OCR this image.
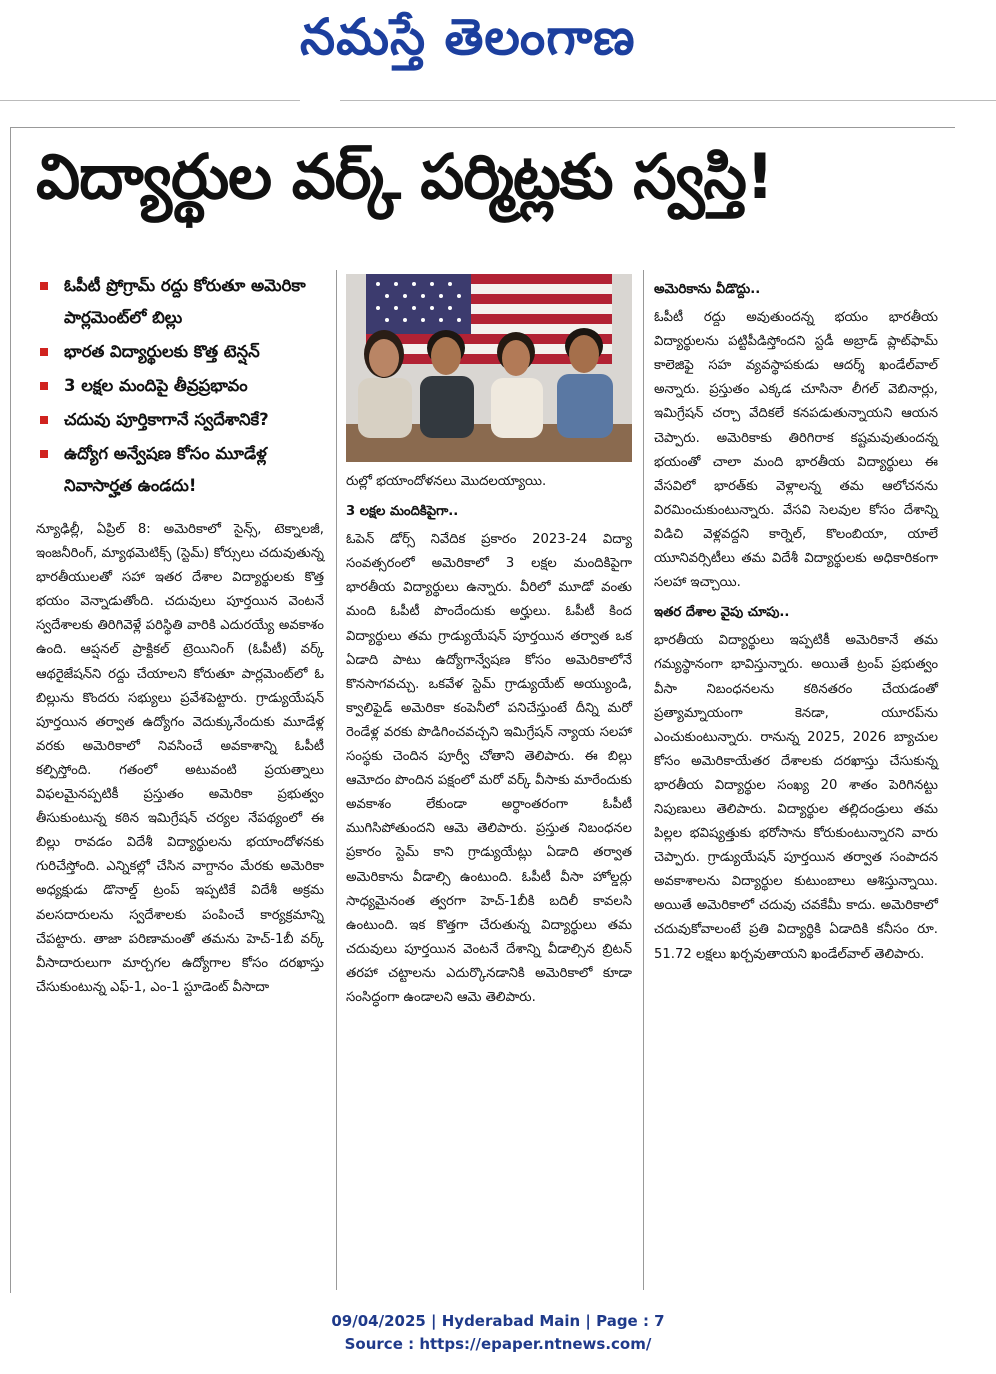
నమస్తే తెలంగాణ
విద్యార్థుల వర్క్ పర్మిట్లకు స్వస్తి!
ఓపీటీ ప్రోగ్రామ్ రద్దు కోరుతూ అమెరికా పార్లమెంట్‌లో బిల్లు
భారత విద్యార్థులకు కొత్త టెన్షన్
3 లక్షల మందిపై తీవ్రప్రభావం
చదువు పూర్తికాగానే స్వదేశానికే?
ఉద్యోగ అన్వేషణ కోసం మూడేళ్ల నివాసార్హత ఉండదు!

న్యూఢిల్లీ, ఏప్రిల్ 8: అమెరికాలో సైన్స్, టెక్నాలజీ, ఇంజనీరింగ్, మ్యాథమెటిక్స్ (స్టెమ్) కోర్సులు చదువుతున్న భారతీయులతో సహా ఇతర దేశాల విద్యార్థులకు కొత్త భయం వెన్నాడుతోంది. చదువులు పూర్తయిన వెంటనే స్వదేశాలకు తిరిగివెళ్లే పరిస్థితి వారికి ఎదురయ్యే అవకాశం ఉంది. ఆప్షనల్ ప్రాక్టికల్ ట్రెయినింగ్ (ఓపీటీ) వర్క్ ఆథరైజేషన్‌ని రద్దు చేయాలని కోరుతూ పార్లమెంట్‌లో ఓ బిల్లును కొందరు సభ్యులు ప్రవేశపెట్టారు. గ్రాడ్యుయేషన్ పూర్తయిన తర్వాత ఉద్యోగం వెదుక్కునేందుకు మూడేళ్ల వరకు అమెరికాలో నివసించే అవకాశాన్ని ఓపీటీ కల్పిస్తోంది. గతంలో అటువంటి ప్రయత్నాలు విఫలమైనప్పటికీ ప్రస్తుతం అమెరికా ప్రభుత్వం తీసుకుంటున్న కఠిన ఇమిగ్రేషన్ చర్యల నేపథ్యంలో ఈ బిల్లు రావడం విదేశీ విద్యార్థులను భయాందోళనకు గురిచేస్తోంది. ఎన్నికల్లో చేసిన వాగ్దానం మేరకు అమెరికా అధ్యక్షుడు డొనాల్డ్ ట్రంప్ ఇప్పటికే విదేశీ అక్రమ వలసదారులను స్వదేశాలకు పంపించే కార్యక్రమాన్ని చేపట్టారు. తాజా పరిణామంతో తమను హెచ్-1బీ వర్క్ వీసాదారులుగా మార్చగల ఉద్యోగాల కోసం దరఖాస్తు చేసుకుంటున్న ఎఫ్-1, ఎం-1 స్టూడెంట్ వీసాదా

రుల్లో భయాందోళనలు మొదలయ్యాయి.

3 లక్షల మందికిపైగా..

ఓపెన్ డోర్స్ నివేదిక ప్రకారం 2023-24 విద్యా సంవత్సరంలో అమెరికాలో 3 లక్షల మందికిపైగా భారతీయ విద్యార్థులు ఉన్నారు. వీరిలో మూడో వంతు మంది ఓపీటీ పొందేందుకు అర్హులు. ఓపీటీ కింద విద్యార్థులు తమ గ్రాడ్యుయేషన్ పూర్తయిన తర్వాత ఒక ఏడాది పాటు ఉద్యోగాన్వేషణ కోసం అమెరికాలోనే కొనసాగవచ్చు. ఒకవేళ స్టెమ్ గ్రాడ్యుయేట్ అయ్యుండి, క్వాలిఫైడ్ అమెరికా కంపెనీలో పనిచేస్తుంటే దీన్ని మరో రెండేళ్ల వరకు పొడిగించవచ్చని ఇమిగ్రేషన్ న్యాయ సలహా సంస్థకు చెందిన పూర్వీ చోతాని తెలిపారు. ఈ బిల్లు ఆమోదం పొందిన పక్షంలో మరో వర్క్ వీసాకు మారేందుకు అవకాశం లేకుండా అర్థాంతరంగా ఓపీటీ ముగిసిపోతుందని ఆమె తెలిపారు. ప్రస్తుత నిబంధనల ప్రకారం స్టెమ్ కాని గ్రాడ్యుయేట్లు ఏడాది తర్వాత అమెరికాను వీడాల్సి ఉంటుంది. ఓపీటీ వీసా హోల్డర్లు సాధ్యమైనంత త్వరగా హెచ్-1బీకి బదిలీ కావలసి ఉంటుంది. ఇక కొత్తగా చేరుతున్న విద్యార్థులు తమ చదువులు పూర్తయిన వెంటనే దేశాన్ని వీడాల్సిన బ్రిటన్ తరహా చట్టాలను ఎదుర్కొనడానికి అమెరికాలో కూడా సంసిద్ధంగా ఉండాలని ఆమె తెలిపారు.

అమెరికాను వీడొద్దు..

ఓపీటీ రద్దు అవుతుందన్న భయం భారతీయ విద్యార్థులను పట్టిపీడిస్తోందని స్టడీ అబ్రాడ్ ప్లాట్‌ఫామ్ కాలెజిఫై సహ వ్యవస్థాపకుడు ఆదర్శ్ ఖండేల్‌వాల్ అన్నారు. ప్రస్తుతం ఎక్కడ చూసినా లీగల్ వెబినార్లు, ఇమిగ్రేషన్ చర్చా వేదికలే కనపడుతున్నాయని ఆయన చెప్పారు. అమెరికాకు తిరిగిరాక కష్టమవుతుందన్న భయంతో చాలా మంది భారతీయ విద్యార్థులు ఈ వేసవిలో భారత్‌కు వెళ్లాలన్న తమ ఆలోచనను విరమించుకుంటున్నారు. వేసవి సెలవుల కోసం దేశాన్ని విడిచి వెళ్లవద్దని కార్నెల్, కొలంబియా, యాలే యూనివర్సిటీలు తమ విదేశీ విద్యార్థులకు అధికారికంగా సలహా ఇచ్చాయి.

ఇతర దేశాల వైపు చూపు..

భారతీయ విద్యార్థులు ఇప్పటికీ అమెరికానే తమ గమ్యస్థానంగా భావిస్తున్నారు. అయితే ట్రంప్ ప్రభుత్వం వీసా నిబంధనలను కఠినతరం చేయడంతో ప్రత్యామ్నాయంగా కెనడా, యూరప్‌ను ఎంచుకుంటున్నారు. రానున్న 2025, 2026 బ్యాచుల కోసం అమెరికాయేతర దేశాలకు దరఖాస్తు చేసుకున్న భారతీయ విద్యార్థుల సంఖ్య 20 శాతం పెరిగినట్టు నిపుణులు తెలిపారు. విద్యార్థుల తల్లిదండ్రులు తమ పిల్లల భవిష్యత్తుకు భరోసాను కోరుకుంటున్నారని వారు చెప్పారు. గ్రాడ్యుయేషన్ పూర్తయిన తర్వాత సంపాదన అవకాశాలను విద్యార్థుల కుటుంబాలు ఆశిస్తున్నాయి. అయితే అమెరికాలో చదువు చవకేమీ కాదు. అమెరికాలో చదువుకోవాలంటే ప్రతి విద్యార్థికి ఏడాదికి కనీసం రూ. 51.72 లక్షలు ఖర్చవుతాయని ఖండేల్‌వాల్ తెలిపారు.

09/04/2025 | Hyderabad Main | Page : 7
Source : https://epaper.ntnews.com/
